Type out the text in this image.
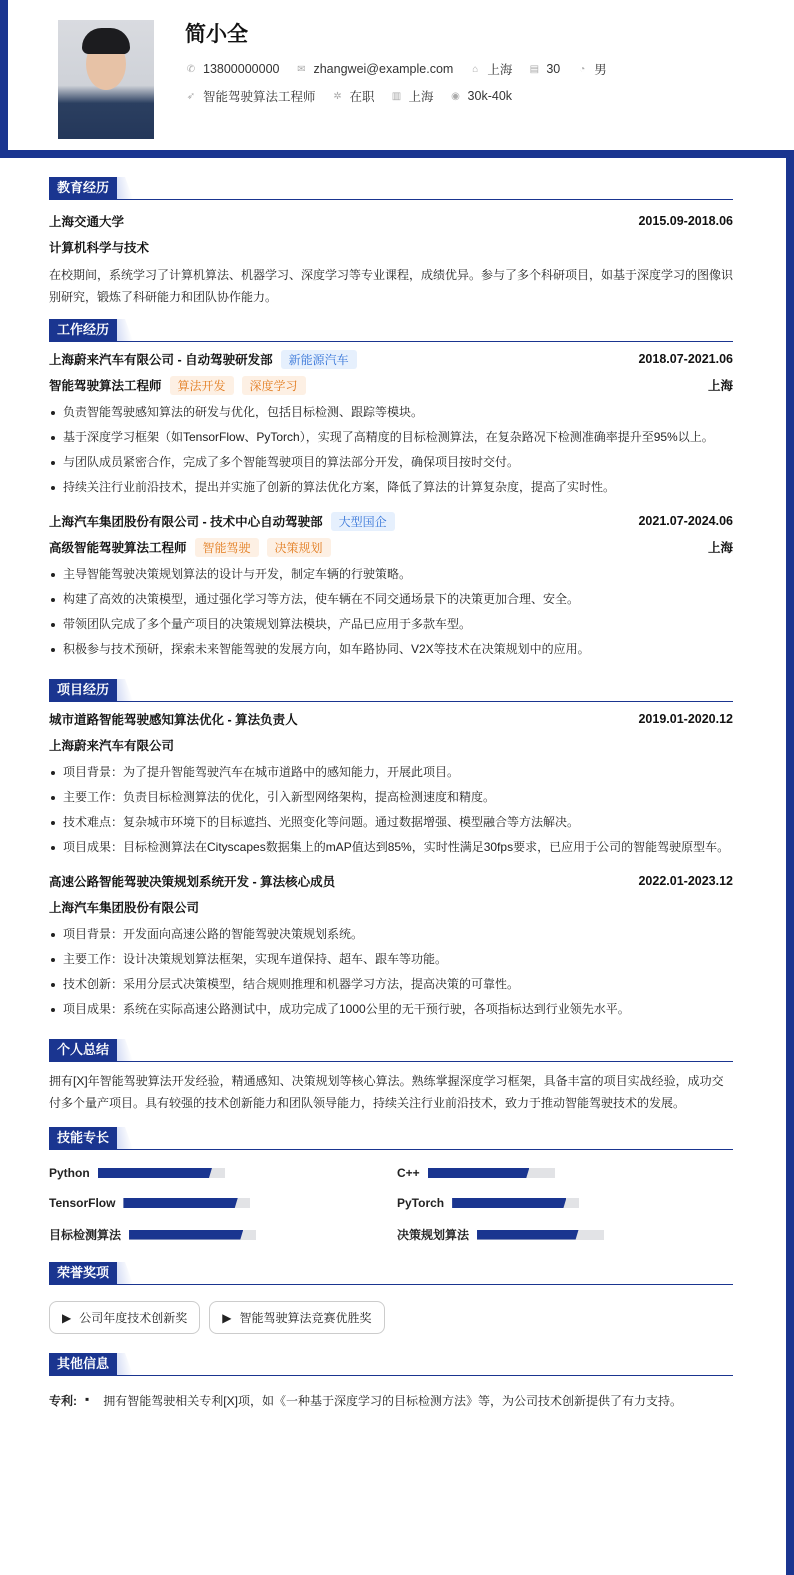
简小全
✆ 13800000000 ✉ zhangwei@example.com ⌂ 上海 ▤ 30 ◔ 男
➶ 智能驾驶算法工程师 ✲ 在职 ▥ 上海 ◉ 30k-40k
教育经历
上海交通大学	2015.09-2018.06
计算机科学与技术
在校期间，系统学习了计算机算法、机器学习、深度学习等专业课程，成绩优异。参与了多个科研项目，如基于深度学习的图像识别研究，锻炼了科研能力和团队协作能力。
工作经历
上海蔚来汽车有限公司 - 自动驾驶研发部	新能源汽车	2018.07-2021.06
智能驾驶算法工程师	算法开发	深度学习	上海
负责智能驾驶感知算法的研发与优化，包括目标检测、跟踪等模块。
基于深度学习框架（如TensorFlow、PyTorch），实现了高精度的目标检测算法，在复杂路况下检测准确率提升至95%以上。
与团队成员紧密合作，完成了多个智能驾驶项目的算法部分开发，确保项目按时交付。
持续关注行业前沿技术，提出并实施了创新的算法优化方案，降低了算法的计算复杂度，提高了实时性。
上海汽车集团股份有限公司 - 技术中心自动驾驶部	大型国企	2021.07-2024.06
高级智能驾驶算法工程师	智能驾驶	决策规划	上海
主导智能驾驶决策规划算法的设计与开发，制定车辆的行驶策略。
构建了高效的决策模型，通过强化学习等方法，使车辆在不同交通场景下的决策更加合理、安全。
带领团队完成了多个量产项目的决策规划算法模块，产品已应用于多款车型。
积极参与技术预研，探索未来智能驾驶的发展方向，如车路协同、V2X等技术在决策规划中的应用。
项目经历
城市道路智能驾驶感知算法优化 - 算法负责人	2019.01-2020.12
上海蔚来汽车有限公司
项目背景：为了提升智能驾驶汽车在城市道路中的感知能力，开展此项目。
主要工作：负责目标检测算法的优化，引入新型网络架构，提高检测速度和精度。
技术难点：复杂城市环境下的目标遮挡、光照变化等问题。通过数据增强、模型融合等方法解决。
项目成果：目标检测算法在Cityscapes数据集上的mAP值达到85%，实时性满足30fps要求，已应用于公司的智能驾驶原型车。
高速公路智能驾驶决策规划系统开发 - 算法核心成员	2022.01-2023.12
上海汽车集团股份有限公司
项目背景：开发面向高速公路的智能驾驶决策规划系统。
主要工作：设计决策规划算法框架，实现车道保持、超车、跟车等功能。
技术创新：采用分层式决策模型，结合规则推理和机器学习方法，提高决策的可靠性。
项目成果：系统在实际高速公路测试中，成功完成了1000公里的无干预行驶，各项指标达到行业领先水平。
个人总结
拥有[X]年智能驾驶算法开发经验，精通感知、决策规划等核心算法。熟练掌握深度学习框架，具备丰富的项目实战经验，成功交付多个量产项目。具有较强的技术创新能力和团队领导能力，持续关注行业前沿技术，致力于推动智能驾驶技术的发展。
技能专长
Python	C++
TensorFlow	PyTorch
目标检测算法	决策规划算法
荣誉奖项
▶ 公司年度技术创新奖	▶ 智能驾驶算法竞赛优胜奖
其他信息
专利: ▪ 拥有智能驾驶相关专利[X]项，如《一种基于深度学习的目标检测方法》等，为公司技术创新提供了有力支持。
